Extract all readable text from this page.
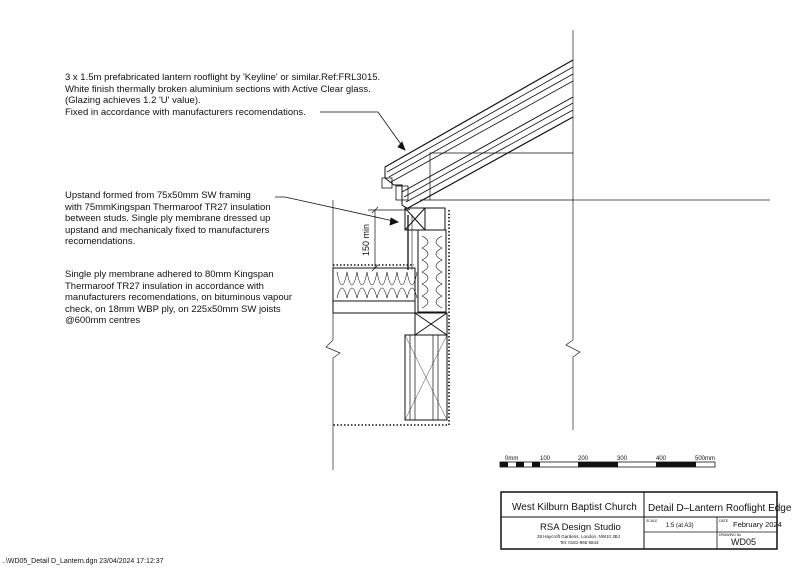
150 min
0mm	100	200	300	400	500mm
West Kilburn Baptist Church Detail D–Lantern Rooflight Edge
RSA Design Studio
28 Haycroft Gardens, London, NW10 3BJ
Tel: 0181-965 6843
SCALE
1:5 (at A3)
DATE February 2024
DRAWING No
WD05
3 x 1.5m prefabricated lantern rooflight by 'Keyline' or similar.Ref:FRL3015.
White finish thermally broken aluminium sections with Active Clear glass.
(Glazing achieves 1.2 'U' value).
Fixed in accordance with manufacturers recomendations.
Upstand formed from 75x50mm SW framing
with 75mmKingspan Thermaroof TR27 insulation
between studs. Single ply membrane dressed up
upstand and mechanicaly fixed to manufacturers
recomendations.
Single ply membrane adhered to 80mm Kingspan
Thermaroof TR27 insulation in accordance with
manufacturers recomendations, on bituminous vapour
check, on 18mm WBP ply, on 225x50mm SW joists
@600mm centres
..\WD05_Detail D_Lantern.dgn 23/04/2024 17:12:37
